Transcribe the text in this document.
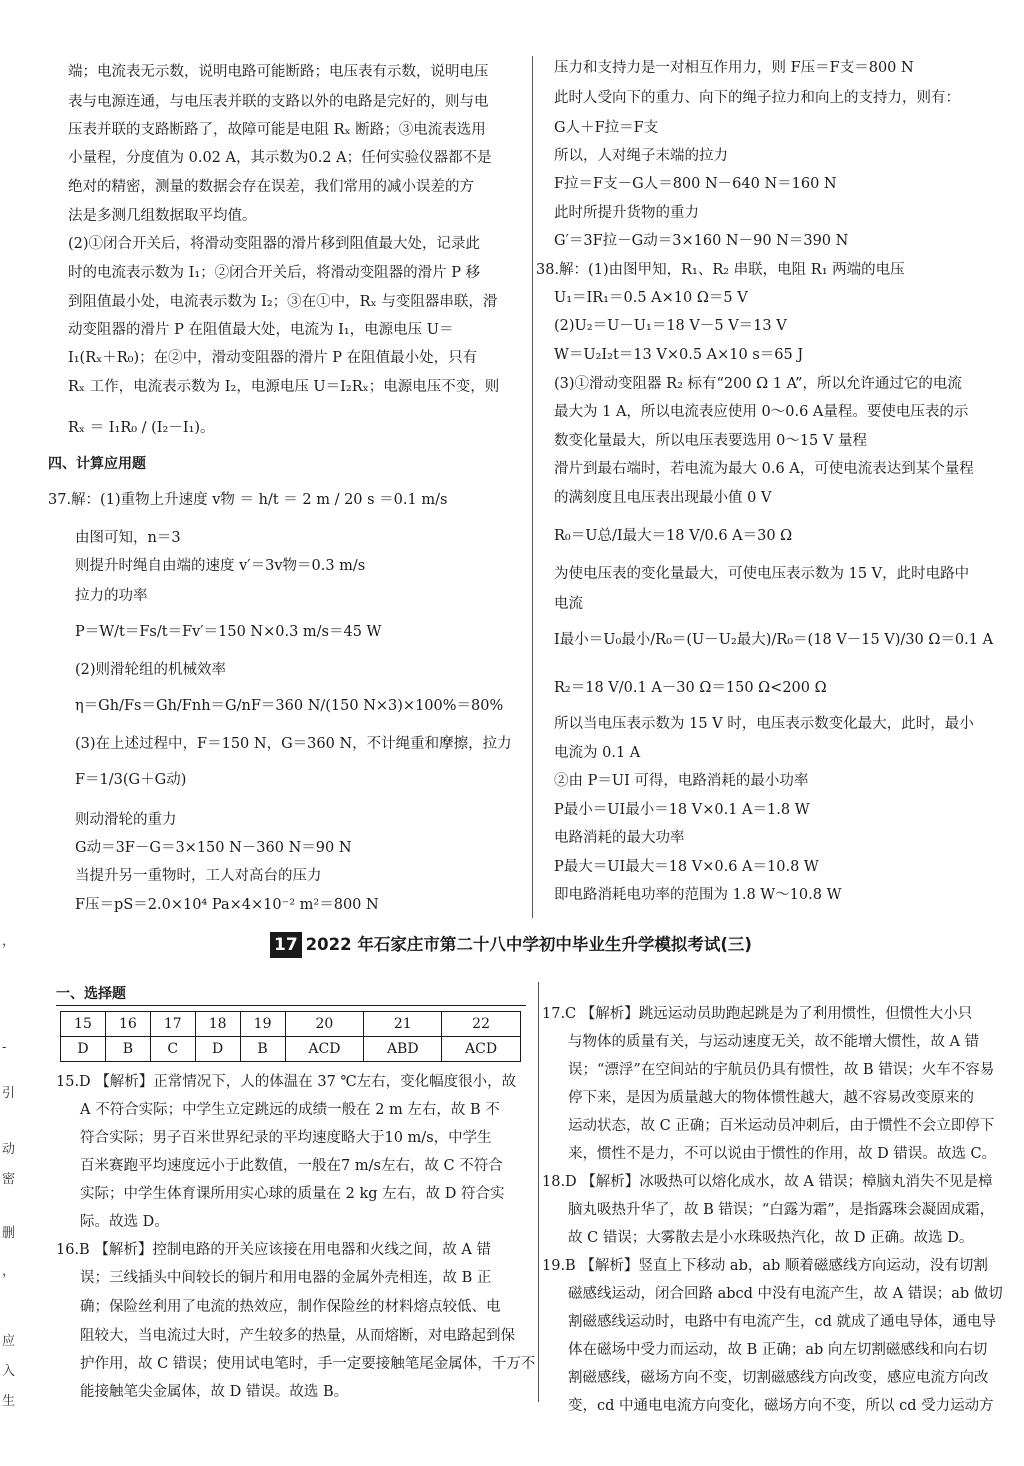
端；电流表无示数，说明电路可能断路；电压表有示数，说明电压
表与电源连通，与电压表并联的支路以外的电路是完好的，则与电
压表并联的支路断路了，故障可能是电阻 Rₓ 断路；③电流表选用
小量程，分度值为 0.02 A，其示数为0.2 A；任何实验仪器都不是
绝对的精密，测量的数据会存在误差，我们常用的减小误差的方
法是多测几组数据取平均值。
(2)①闭合开关后，将滑动变阻器的滑片移到阻值最大处，记录此
时的电流表示数为 I₁；②闭合开关后，将滑动变阻器的滑片 P 移
到阻值最小处，电流表示数为 I₂；③在①中，Rₓ 与变阻器串联，滑
动变阻器的滑片 P 在阻值最大处，电流为 I₁，电源电压 U＝
I₁(Rₓ＋R₀)；在②中，滑动变阻器的滑片 P 在阻值最小处，只有
Rₓ 工作，电流表示数为 I₂，电源电压 U＝I₂Rₓ；电源电压不变，则
Rₓ ＝ I₁R₀ / (I₂－I₁)。
四、计算应用题
37.解：(1)重物上升速度 v物 ＝ h/t ＝ 2 m / 20 s ＝0.1 m/s
由图可知，n＝3
则提升时绳自由端的速度 v′＝3v物＝0.3 m/s
拉力的功率
P＝W/t＝Fs/t＝Fv′＝150 N×0.3 m/s＝45 W
(2)则滑轮组的机械效率
η＝Gh/Fs＝Gh/Fnh＝G/nF＝360 N/(150 N×3)×100%＝80%
(3)在上述过程中，F＝150 N，G＝360 N，不计绳重和摩擦，拉力
F＝1/3(G＋G动)
则动滑轮的重力
G动＝3F－G＝3×150 N－360 N＝90 N
当提升另一重物时，工人对高台的压力
F压＝pS＝2.0×10⁴ Pa×4×10⁻² m²＝800 N
压力和支持力是一对相互作用力，则 F压＝F支＝800 N
此时人受向下的重力、向下的绳子拉力和向上的支持力，则有：
G人＋F拉＝F支
所以，人对绳子末端的拉力
F拉＝F支－G人＝800 N－640 N＝160 N
此时所提升货物的重力
G′＝3F拉－G动＝3×160 N－90 N＝390 N
38.解：(1)由图甲知，R₁、R₂ 串联，电阻 R₁ 两端的电压
U₁＝IR₁＝0.5 A×10 Ω＝5 V
(2)U₂＝U－U₁＝18 V－5 V＝13 V
W＝U₂I₂t＝13 V×0.5 A×10 s＝65 J
(3)①滑动变阻器 R₂ 标有“200 Ω 1 A”，所以允许通过它的电流
最大为 1 A，所以电流表应使用 0～0.6 A量程。要使电压表的示
数变化量最大，所以电压表要选用 0～15 V 量程
滑片到最右端时，若电流为最大 0.6 A，可使电流表达到某个量程
的满刻度且电压表出现最小值 0 V
R₀＝U总/I最大＝18 V/0.6 A＝30 Ω
为使电压表的变化量最大，可使电压表示数为 15 V，此时电路中
电流
I最小＝U₀最小/R₀＝(U－U₂最大)/R₀＝(18 V－15 V)/30 Ω＝0.1 A
R₂＝18 V/0.1 A－30 Ω＝150 Ω<200 Ω
所以当电压表示数为 15 V 时，电压表示数变化最大，此时，最小
电流为 0.1 A
②由 P＝UI 可得，电路消耗的最小功率
P最小＝UI最小＝18 V×0.1 A＝1.8 W
电路消耗的最大功率
P最大＝UI最大＝18 V×0.6 A＝10.8 W
即电路消耗电功率的范围为 1.8 W～10.8 W
17 2022 年石家庄市第二十八中学初中毕业生升学模拟考试(三)
一、选择题
15	16	17	18	19	20	21	22
D	B	C	D	B	ACD	ABD	ACD
15.D 【解析】正常情况下，人的体温在 37 ℃左右，变化幅度很小，故
A 不符合实际；中学生立定跳远的成绩一般在 2 m 左右，故 B 不
符合实际；男子百米世界纪录的平均速度略大于10 m/s，中学生
百米赛跑平均速度远小于此数值，一般在7 m/s左右，故 C 不符合
实际；中学生体育课所用实心球的质量在 2 kg 左右，故 D 符合实
际。故选 D。
16.B 【解析】控制电路的开关应该接在用电器和火线之间，故 A 错
误；三线插头中间较长的铜片和用电器的金属外壳相连，故 B 正
确；保险丝利用了电流的热效应，制作保险丝的材料熔点较低、电
阻较大，当电流过大时，产生较多的热量，从而熔断，对电路起到保
护作用，故 C 错误；使用试电笔时，手一定要接触笔尾金属体，千万不
能接触笔尖金属体，故 D 错误。故选 B。
17.C 【解析】跳远运动员助跑起跳是为了利用惯性，但惯性大小只
与物体的质量有关，与运动速度无关，故不能增大惯性，故 A 错
误；“漂浮”在空间站的宇航员仍具有惯性，故 B 错误；火车不容易
停下来，是因为质量越大的物体惯性越大，越不容易改变原来的
运动状态，故 C 正确；百米运动员冲刺后，由于惯性不会立即停下
来，惯性不是力，不可以说由于惯性的作用，故 D 错误。故选 C。
18.D 【解析】冰吸热可以熔化成水，故 A 错误；樟脑丸消失不见是樟
脑丸吸热升华了，故 B 错误；“白露为霜”，是指露珠会凝固成霜，
故 C 错误；大雾散去是小水珠吸热汽化，故 D 正确。故选 D。
19.B 【解析】竖直上下移动 ab，ab 顺着磁感线方向运动，没有切割
磁感线运动，闭合回路 abcd 中没有电流产生，故 A 错误；ab 做切
割磁感线运动时，电路中有电流产生，cd 就成了通电导体，通电导
体在磁场中受力而运动，故 B 正确；ab 向左切割磁感线和向右切
割磁感线，磁场方向不变，切割磁感线方向改变，感应电流方向改
变，cd 中通电电流方向变化，磁场方向不变，所以 cd 受力运动方
，
-
引
动
密
删
，
应
入
生
